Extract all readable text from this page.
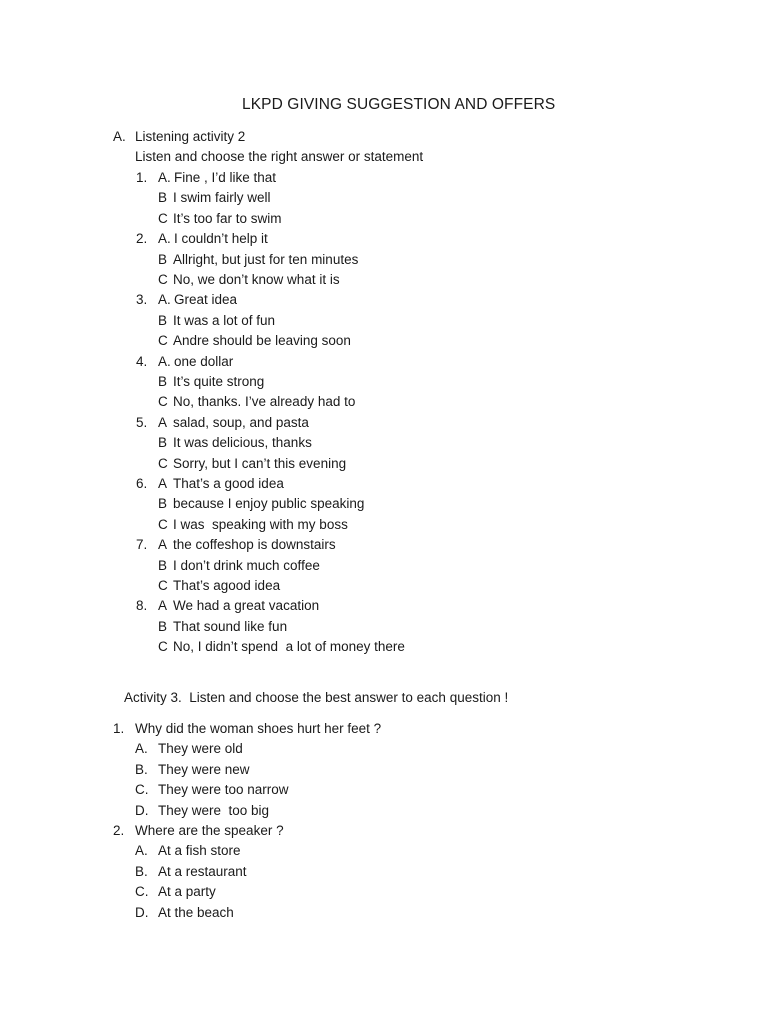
LKPD GIVING SUGGESTION AND OFFERS
A. Listening activity 2
Listen and choose the right answer or statement
Activity 3.  Listen and choose the best answer to each question !
1. A. Fine , I’d like that
B I swim fairly well
C It’s too far to swim
2. A. I couldn’t help it
B Allright, but just for ten minutes
C No, we don’t know what it is
3. A. Great idea
B It was a lot of fun
C Andre should be leaving soon
4. A. one dollar
B It’s quite strong
C No, thanks. I’ve already had to
5. A salad, soup, and pasta
B It was delicious, thanks
C Sorry, but I can’t this evening
6. A That’s a good idea
B because I enjoy public speaking
C I was  speaking with my boss
7. A the coffeshop is downstairs
B I don’t drink much coffee
C That’s agood idea
8. A We had a great vacation
B That sound like fun
C No, I didn’t spend  a lot of money there
1. Why did the woman shoes hurt her feet ?
A. They were old
B. They were new
C. They were too narrow
D. They were  too big
2. Where are the speaker ?
A. At a fish store
B. At a restaurant
C. At a party
D. At the beach
